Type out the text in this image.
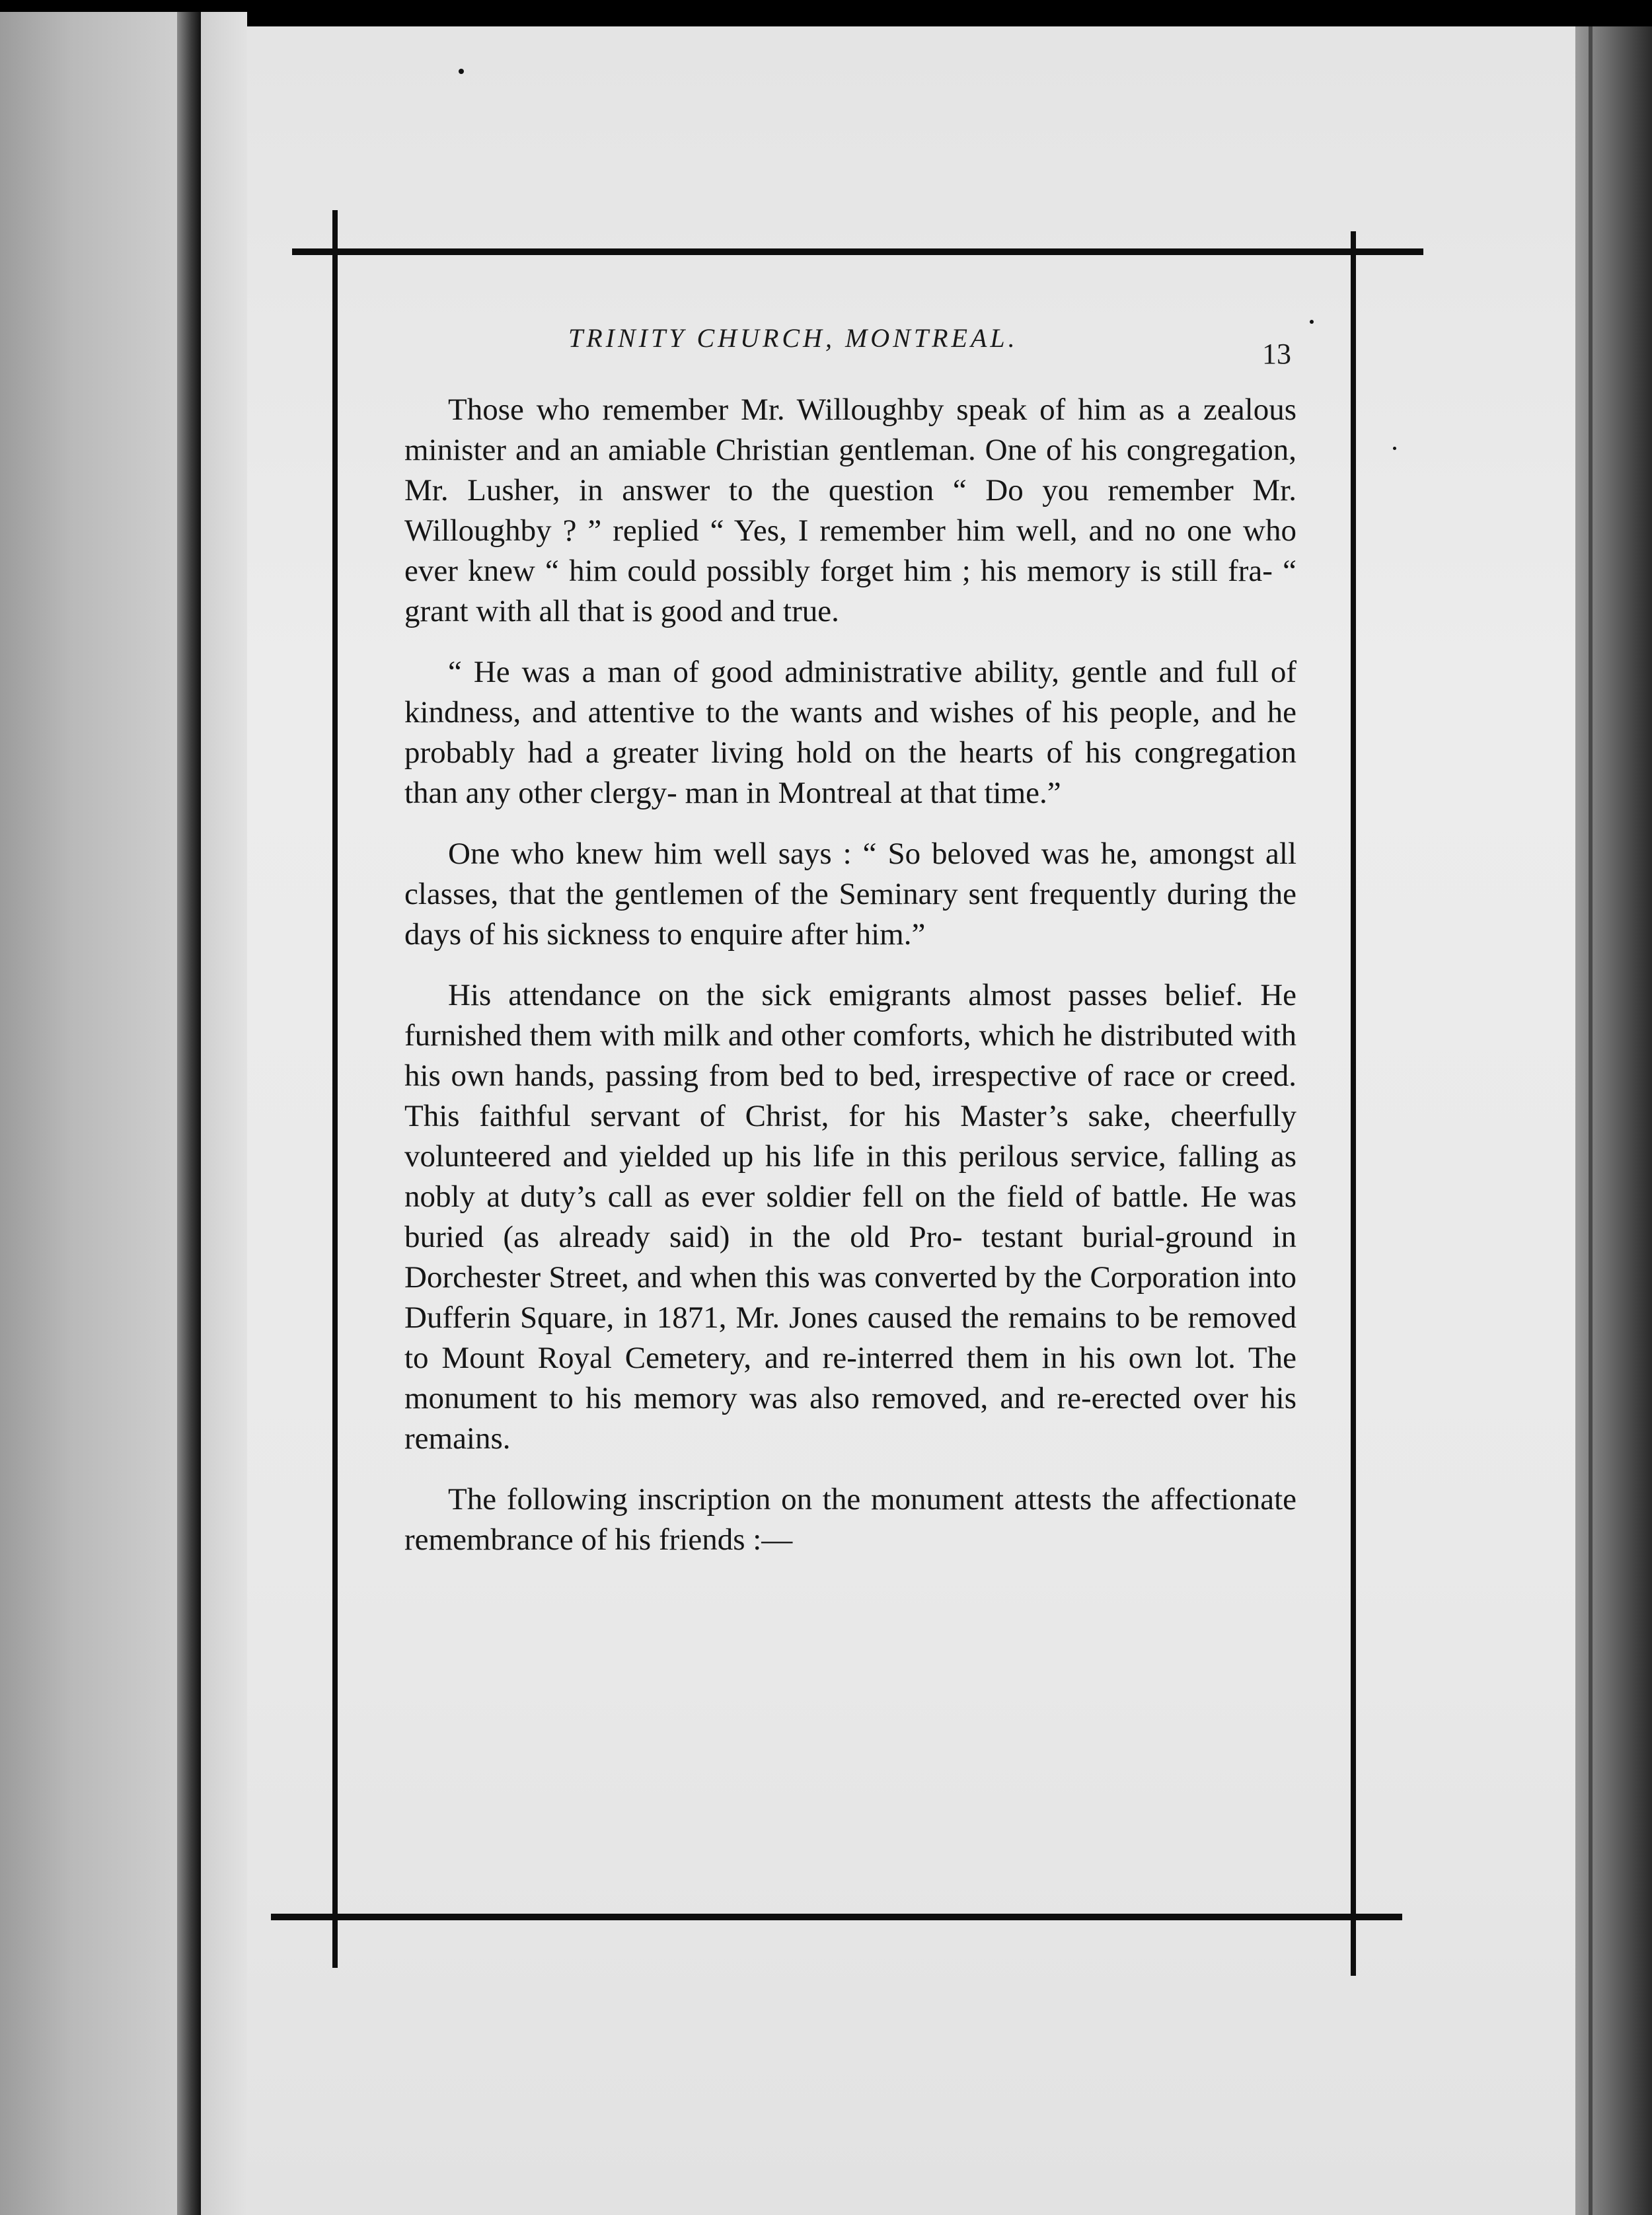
TRINITY CHURCH, MONTREAL.	13

Those who remember Mr. Willoughby speak of him as a zealous minister and an amiable Christian gentleman. One of his congregation, Mr. Lusher, in answer to the question “ Do you remember Mr. Willoughby ? ” replied “ Yes, I remember him well, and no one who ever knew “ him could possibly forget him ; his memory is still fra- “ grant with all that is good and true.

“ He was a man of good administrative ability, gentle and full of kindness, and attentive to the wants and wishes of his people, and he probably had a greater living hold on the hearts of his congregation than any other clergy- man in Montreal at that time.”

One who knew him well says : “ So beloved was he, amongst all classes, that the gentlemen of the Seminary sent frequently during the days of his sickness to enquire after him.”

His attendance on the sick emigrants almost passes belief. He furnished them with milk and other comforts, which he distributed with his own hands, passing from bed to bed, irrespective of race or creed. This faithful servant of Christ, for his Master’s sake, cheerfully volunteered and yielded up his life in this perilous service, falling as nobly at duty’s call as ever soldier fell on the field of battle. He was buried (as already said) in the old Pro- testant burial-ground in Dorchester Street, and when this was converted by the Corporation into Dufferin Square, in 1871, Mr. Jones caused the remains to be removed to Mount Royal Cemetery, and re-interred them in his own lot. The monument to his memory was also removed, and re-erected over his remains.

The following inscription on the monument attests the affectionate remembrance of his friends :—
